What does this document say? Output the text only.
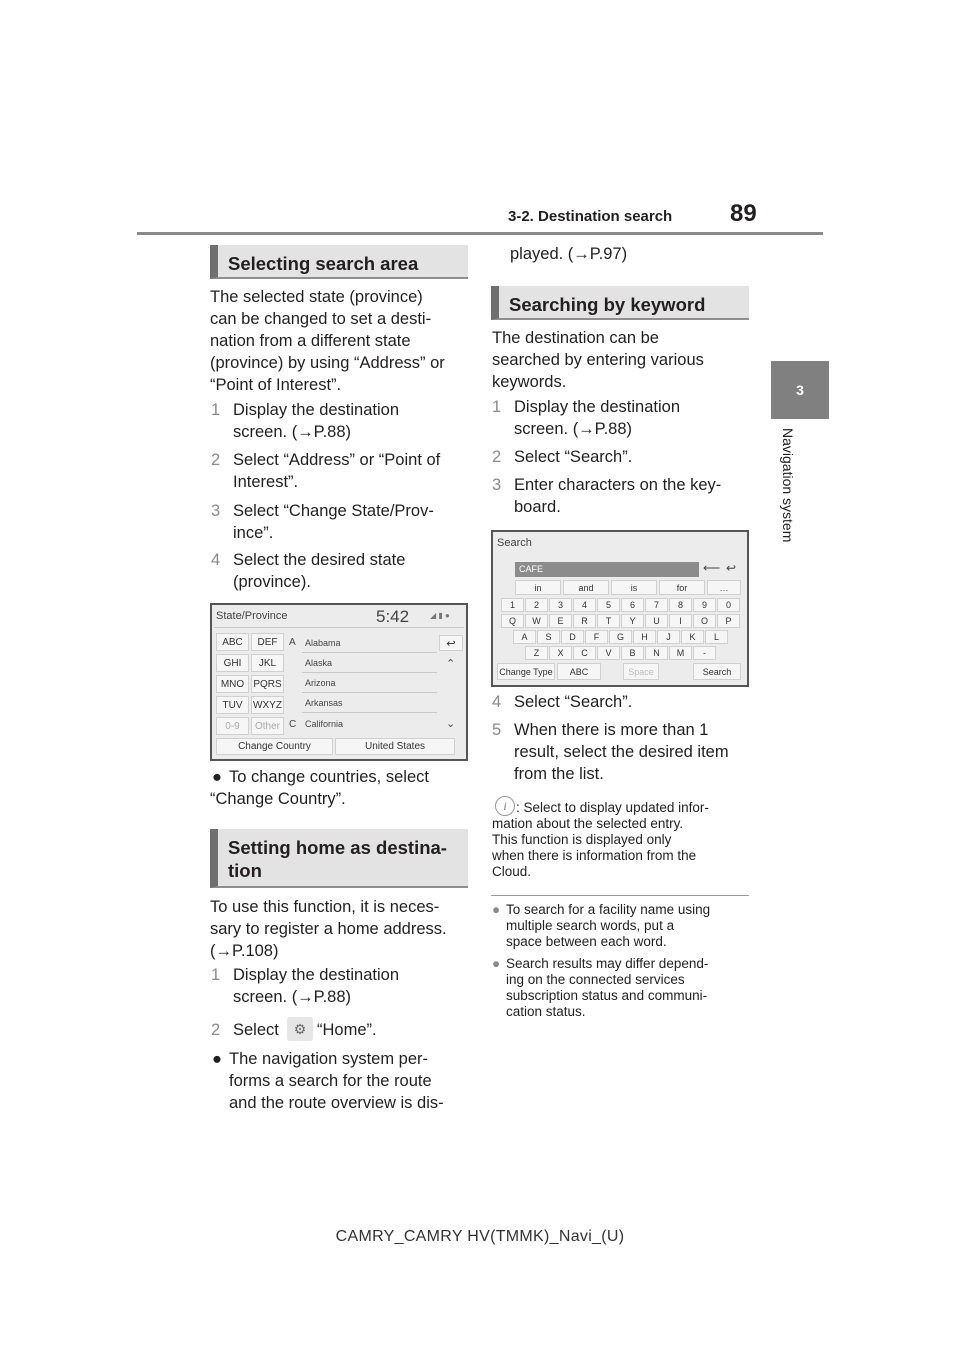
3-2. Destination search 89
3
Navigation system
Selecting search area
The selected state (province)
can be changed to set a desti-
nation from a different state
(province) by using “Address” or
“Point of Interest”.
1 Display the destination
screen. (→P.88)
2 Select “Address” or “Point of
Interest”.
3 Select “Change State/Prov-
ince”.
4 Select the desired state
(province).
State/Province	5:42	◢ ▮ ●
ABC	DEF
GHI	JKL
MNO PQRS
TUV	WXYZ
0-9	Other
A
C
Alabama
Alaska
Arizona
Arkansas
California
↩
⌃
⌄
Change Country	United States
● To change countries, select
“Change Country”.
Setting home as destina-
tion
To use this function, it is neces-
sary to register a home address.
(→P.108)
1 Display the destination
screen. (→P.88)
2 Select	⚙ “Home”.
● The navigation system per-
forms a search for the route
and the route overview is dis-
played. (→P.97)
Searching by keyword
The destination can be
searched by entering various
keywords.
1 Display the destination
screen. (→P.88)
2 Select “Search”.
3 Enter characters on the key-
board.
Search
CAFE	⟵ ↩
in	and	is	for	…
1	2	3	4	5	6	7	8	9	0
Q	W	E	R	T	Y	U	I	O	P
A	S	D	F	G	H	J	K	L
Z	X	C	V	B	N	M	-
Change Type	ABC	Space	Search
4 Select “Search”.
5 When there is more than 1
result, select the desired item
from the list.
i : Select to display updated infor-
mation about the selected entry.
This function is displayed only
when there is information from the
Cloud.
● To search for a facility name using
multiple search words, put a
space between each word.
● Search results may differ depend-
ing on the connected services
subscription status and communi-
cation status.
CAMRY_CAMRY HV(TMMK)_Navi_(U)
